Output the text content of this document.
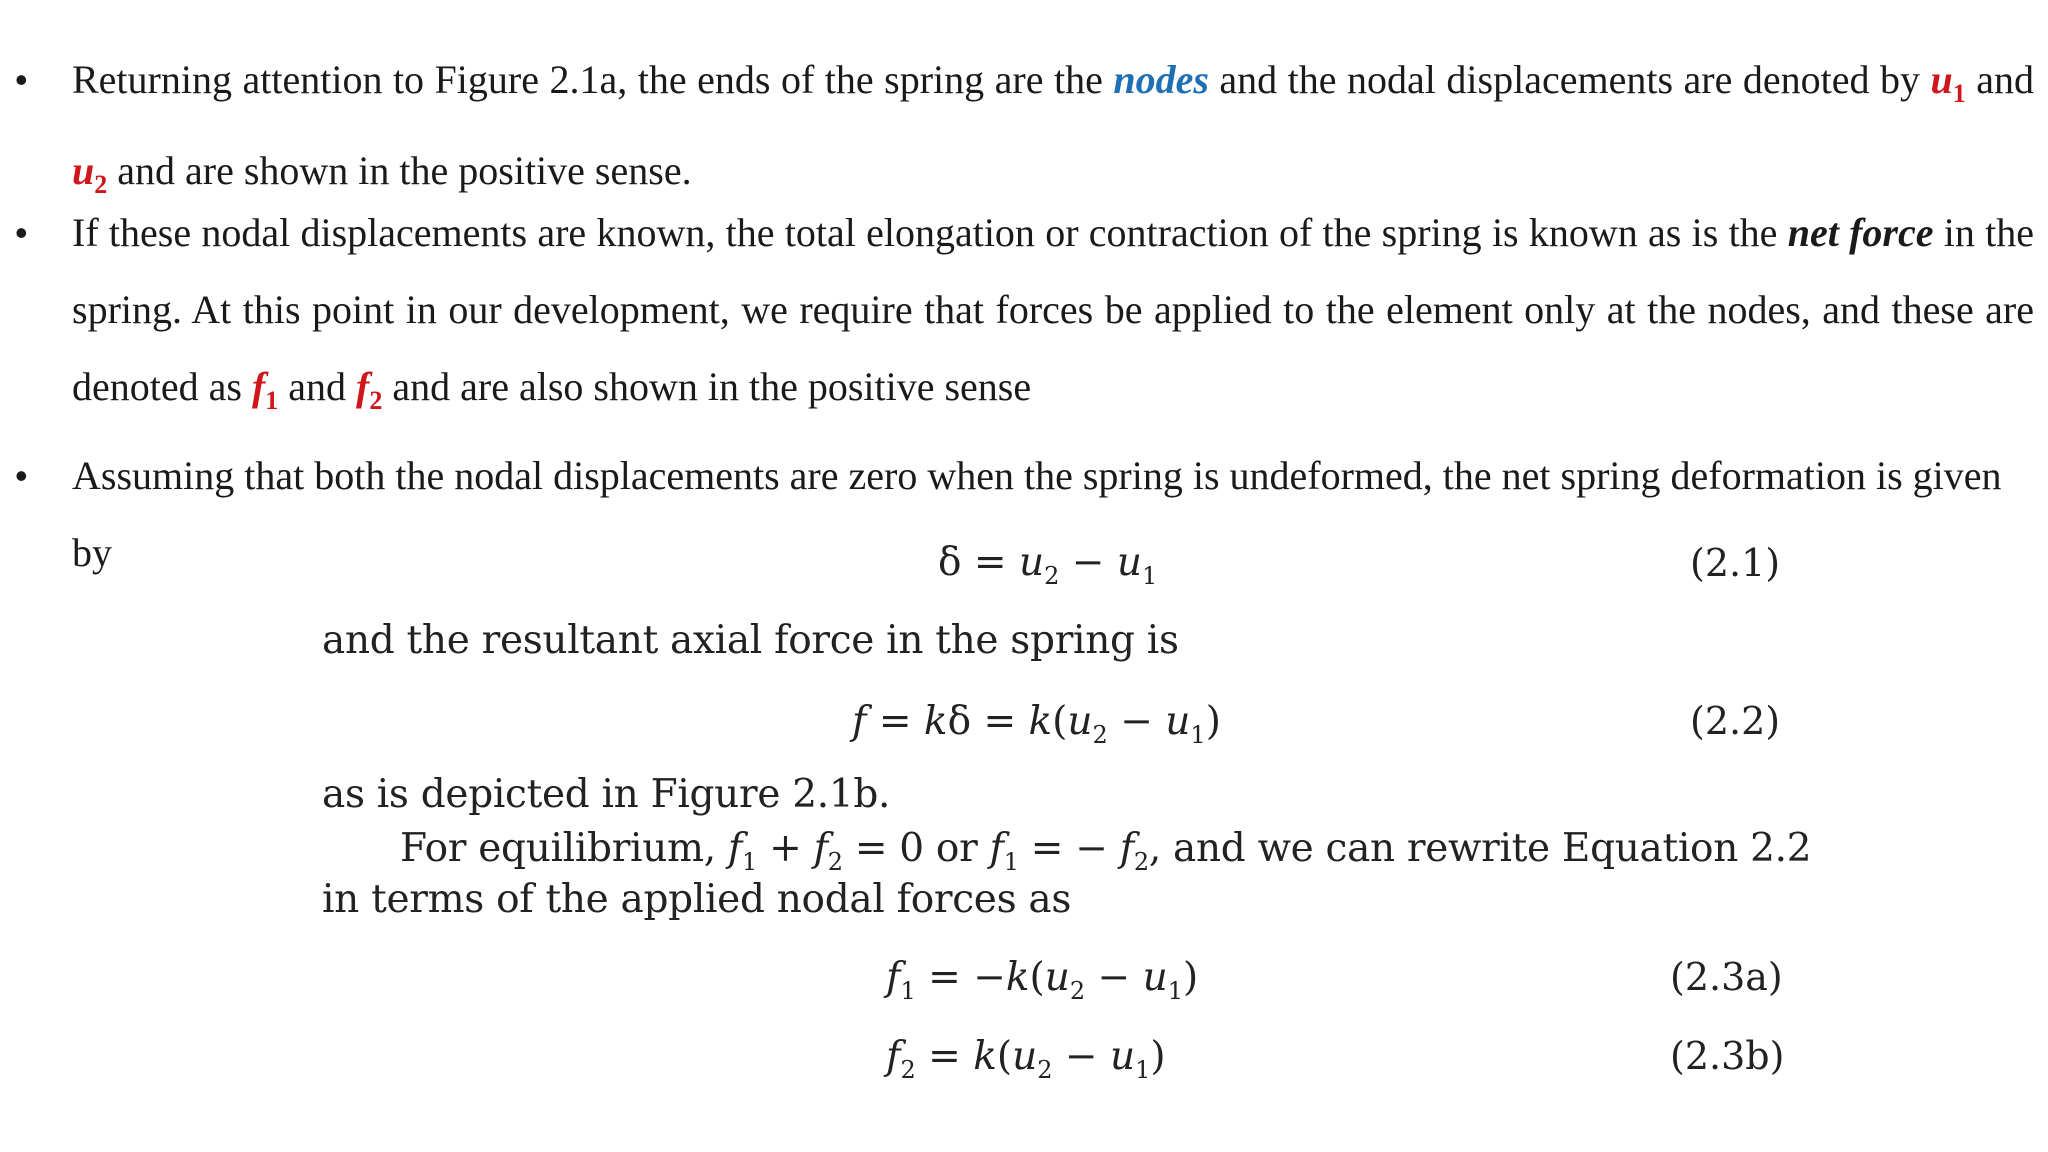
• Returning attention to Figure 2.1a, the ends of the spring are the nodes and the nodal displacements are denoted by $u_1$ and $u_2$ and are shown in the positive sense.
• If these nodal displacements are known, the total elongation or contraction of the spring is known as is the net force in the spring. At this point in our development, we require that forces be applied to the element only at the nodes, and these are denoted as $f_1$ and $f_2$ and are also shown in the positive sense
• Assuming that both the nodal displacements are zero when the spring is undeformed, the net spring deformation is given by	$\delta = u_2 - u_1$	(2.1)
and the resultant axial force in the spring is
$f = k\delta = k(u_2 - u_1)$	(2.2)
as is depicted in Figure 2.1b.
For equilibrium, $f_1 + f_2 = 0$ or $f_1$ = − $f_2$, and we can rewrite Equation 2.2
in terms of the applied nodal forces as
$f_1 = -k(u_2 - u_1)$	(2.3a)
$f_2 = k(u_2 - u_1)$	(2.3b)
